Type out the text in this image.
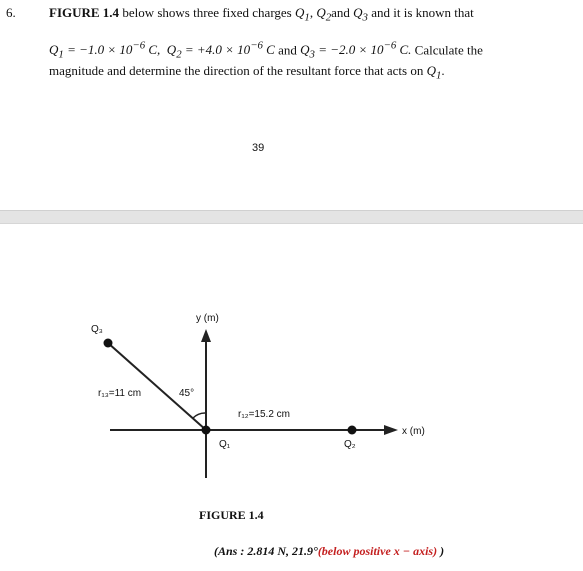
6.	FIGURE 1.4 below shows three fixed charges $Q_1$, $Q_2and$ $Q_3$ and it is known that
$Q_1 = -1.0 \times 10^{-6}$ C, $Q_2 = +4.0 \times 10^{-6}$ C and $Q_3 = -2.0 \times 10^{-6}$ C. Calculate the
magnitude and determine the direction of the resultant force that acts on $Q_1$.
39
y (m)
x (m)
Q₃
Q₁	Q₂
r₁₃=11 cm
r₁₂=15.2 cm
45°
FIGURE 1.4
(Ans : 2.814 N, 21.9°(below positive x − axis) )
